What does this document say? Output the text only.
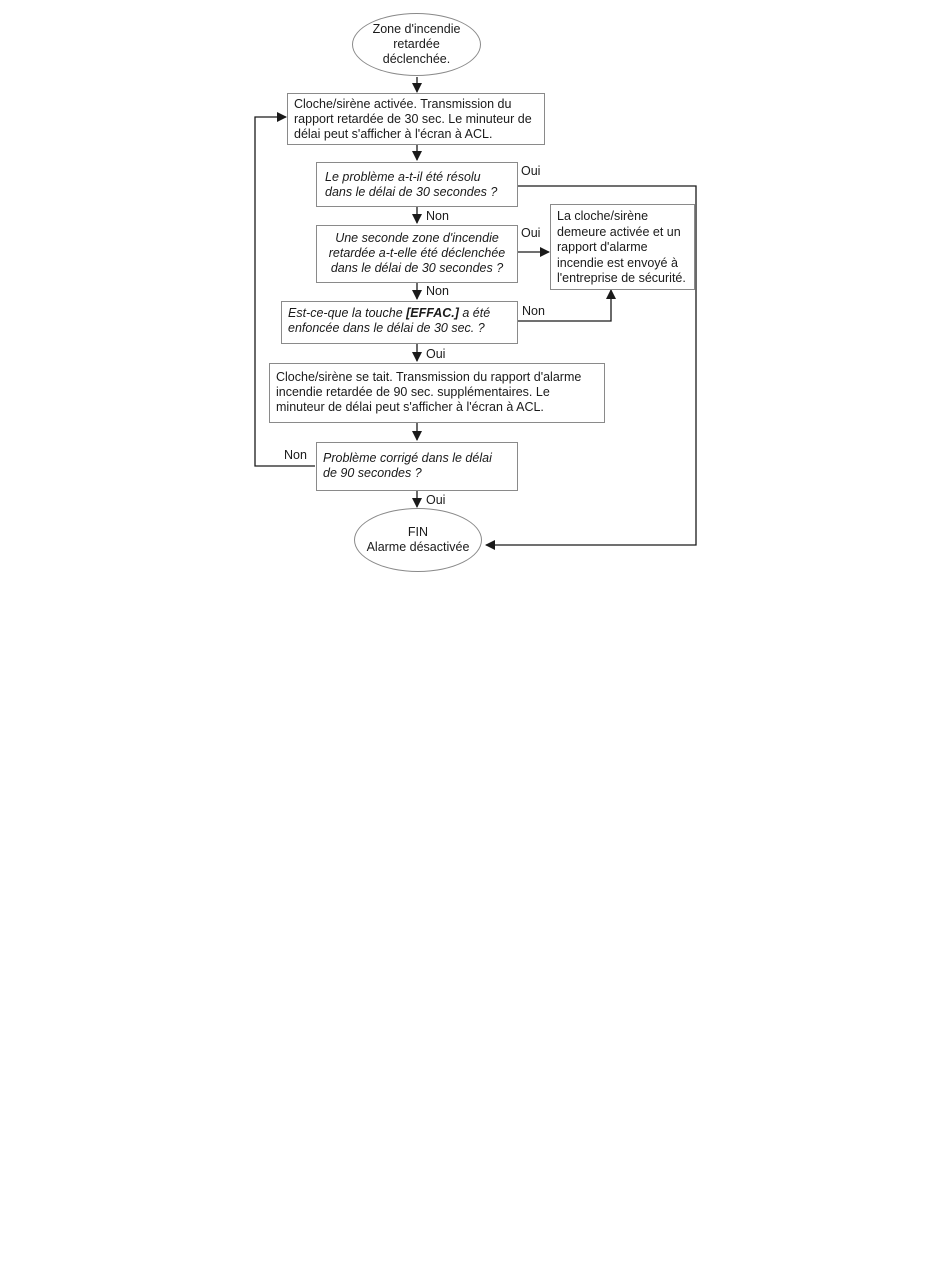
Zone d'incendie
retardée
déclenchée.
Cloche/sirène activée. Transmission du
rapport retardée de 30 sec. Le minuteur de
délai peut s'afficher à l'écran à ACL.
Le problème a-t-il été résolu
dans le délai de 30 secondes ?
Une seconde zone d'incendie
retardée a-t-elle été déclenchée
dans le délai de 30 secondes ?
La cloche/sirène
demeure activée et un
rapport d'alarme
incendie est envoyé à
l'entreprise de sécurité.
Est-ce-que la touche [EFFAC.] a été
enfoncée dans le délai de 30 sec. ?
Cloche/sirène se tait. Transmission du rapport d'alarme
incendie retardée de 90 sec. supplémentaires. Le
minuteur de délai peut s'afficher à l'écran à ACL.
Problème corrigé dans le délai
de 90 secondes ?
FIN
Alarme désactivée
Oui
Non
Oui
Non
Non
Oui
Non
Oui
